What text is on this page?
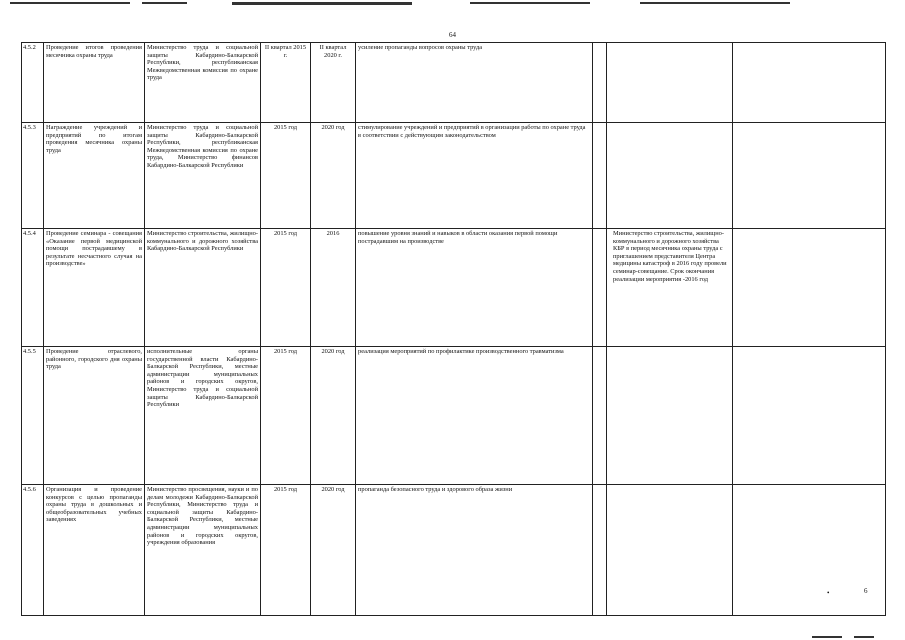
64
4.5.2	Проведение итогов проведения месячника охраны труда	Министерство труда и социальной защиты Кабардино-Балкарской Республики, республиканская Межведомственная комиссия по охране труда	II квартал 2015 г.	II квартал 2020 г.	усиление пропаганды вопросов охраны труда			
4.5.3	Награждение учреждений и предприятий по итогам проведения месячника охраны труда	Министерство труда и социальной защиты Кабардино-Балкарской Республики, республиканская Межведомственная комиссия по охране труда, Министерство финансов Кабардино-Балкарской Республики	2015 год	2020 год	стимулирование учреждений и предприятий в организации работы по охране труда в соответствии с действующим законодательством			
4.5.4	Проведение семинара - совещания «Оказание первой медицинской помощи пострадавшему в результате несчастного случая на производстве»	Министерство строительства, жилищно-коммунального и дорожного хозяйства Кабардино-Балкарской Республики	2015 год	2016	повышение уровня знаний и навыков в области оказания первой помощи пострадавшим на производстве		Министерство строительства, жилищно-коммунального и дорожного хозяйства КБР в период месячника охраны труда с приглашением представителя Центра медицины катастроф в 2016 году провели семинар-совещание. Срок окончания реализации мероприятия -2016 год	
4.5.5	Проведение отраслевого, районного, городского дня охраны труда	исполнительные органы государственной власти Кабардино-Балкарской Республики, местные администрации муниципальных районов и городских округов, Министерство труда и социальной защиты Кабардино-Балкарской Республики	2015 год	2020 год	реализация мероприятий по профилактике производственного травматизма			
4.5.6	Организация и проведение конкурсов с целью пропаганды охраны труда в дошкольных и общеобразовательных учебных заведениях	Министерство просвещения, науки и по делам молодежи Кабардино-Балкарской Республики, Министерство труда и социальной защиты Кабардино-Балкарской Республики, местные администрации муниципальных районов и городских округов, учреждения образования	2015 год	2020 год	пропаганда безопасного труда и здорового образа жизни			
•	6
